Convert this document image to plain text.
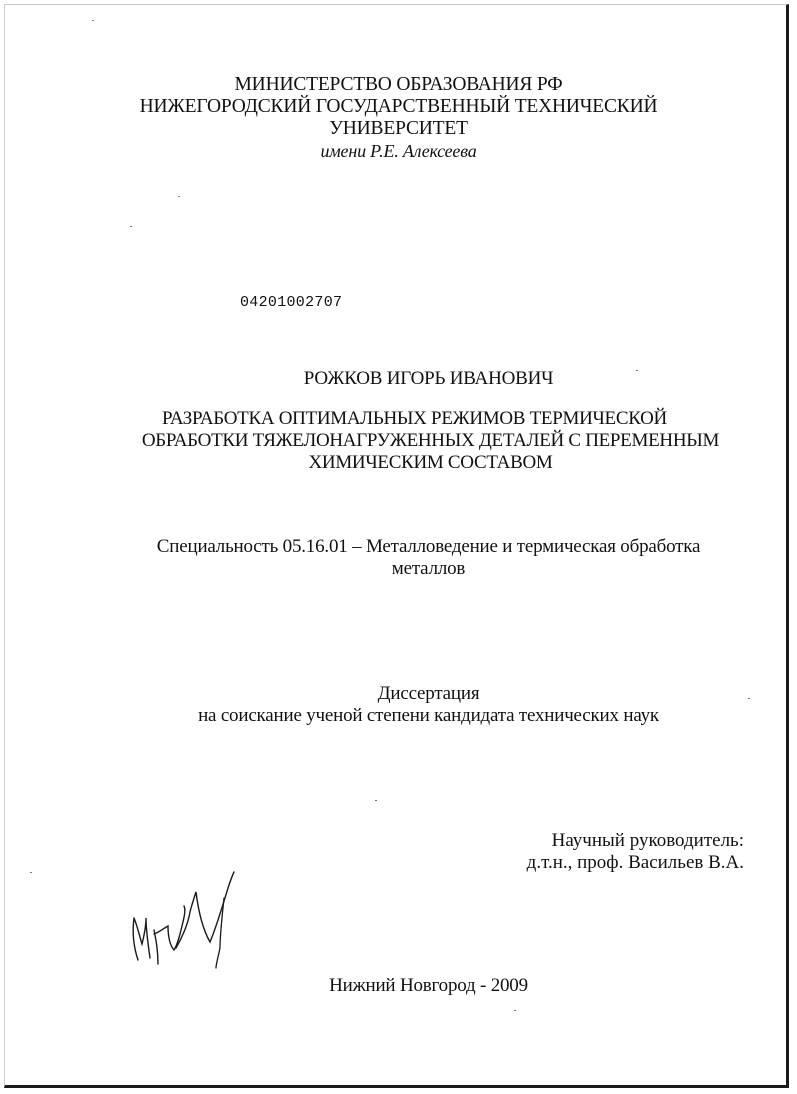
МИНИСТЕРСТВО ОБРАЗОВАНИЯ РФ
НИЖЕГОРОДСКИЙ ГОСУДАРСТВЕННЫЙ ТЕХНИЧЕСКИЙ
УНИВЕРСИТЕТ
имени Р.Е. Алексеева
04201002707
РОЖКОВ ИГОРЬ ИВАНОВИЧ
РАЗРАБОТКА ОПТИМАЛЬНЫХ РЕЖИМОВ ТЕРМИЧЕСКОЙ
ОБРАБОТКИ ТЯЖЕЛОНАГРУЖЕННЫХ ДЕТАЛЕЙ С ПЕРЕМЕННЫМ
ХИМИЧЕСКИМ СОСТАВОМ
Специальность 05.16.01 – Металловедение и термическая обработка
металлов
Диссертация
на соискание ученой степени кандидата технических наук
Научный руководитель:
д.т.н., проф. Васильев В.А.
Нижний Новгород - 2009
